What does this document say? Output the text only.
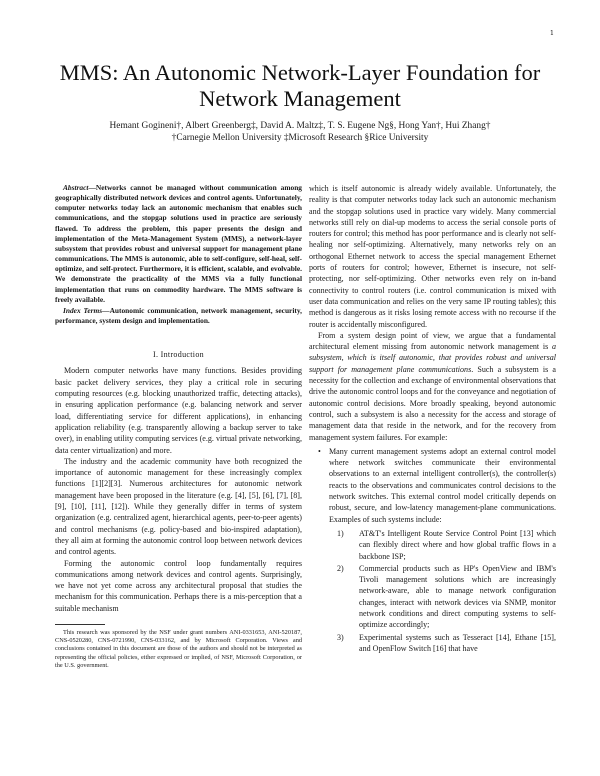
1
MMS: An Autonomic Network-Layer Foundation for Network Management
Hemant Gogineni†, Albert Greenberg‡, David A. Maltz‡, T. S. Eugene Ng§, Hong Yan†, Hui Zhang†
†Carnegie Mellon University ‡Microsoft Research §Rice University

Abstract—Networks cannot be managed without communication among geographically distributed network devices and control agents. Unfortunately, computer networks today lack an autonomic mechanism that enables such communications, and the stopgap solutions used in practice are seriously flawed. To address the problem, this paper presents the design and implementation of the Meta-Management System (MMS), a network-layer subsystem that provides robust and universal support for management plane communications. The MMS is autonomic, able to self-configure, self-heal, self-optimize, and self-protect. Furthermore, it is efficient, scalable, and evolvable. We demonstrate the practicality of the MMS via a fully functional implementation that runs on commodity hardware. The MMS software is freely available.

Index Terms—Autonomic communication, network management, security, performance, system design and implementation.

I. Introduction

Modern computer networks have many functions. Besides providing basic packet delivery services, they play a critical role in securing computing resources (e.g. blocking unauthorized traffic, detecting attacks), in ensuring application performance (e.g. balancing network and server load, differentiating service for different applications), in enhancing application reliability (e.g. transparently allowing a backup server to take over), in enabling utility computing services (e.g. virtual private networking, data center virtualization) and more.

The industry and the academic community have both recognized the importance of autonomic management for these increasingly complex functions [1][2][3]. Numerous architectures for autonomic network management have been proposed in the literature (e.g. [4], [5], [6], [7], [8], [9], [10], [11], [12]). While they generally differ in terms of system organization (e.g. centralized agent, hierarchical agents, peer-to-peer agents) and control mechanisms (e.g. policy-based and bio-inspired adaptation), they all aim at forming the autonomic control loop between network devices and control agents.

Forming the autonomic control loop fundamentally requires communications among network devices and control agents. Surprisingly, we have not yet come across any architectural proposal that studies the mechanism for this communication. Perhaps there is a mis-perception that a suitable mechanism

This research was sponsored by the NSF under grant numbers ANI-0331653, ANI-520187, CNS-0520280, CNS-0721990, CNS-033162, and by Microsoft Corporation. Views and conclusions contained in this document are those of the authors and should not be interpreted as representing the official policies, either expressed or implied, of NSF, Microsoft Corporation, or the U.S. government.

which is itself autonomic is already widely available. Unfortunately, the reality is that computer networks today lack such an autonomic mechanism and the stopgap solutions used in practice vary widely. Many commercial networks still rely on dial-up modems to access the serial console ports of routers for control; this method has poor performance and is clearly not self-healing nor self-optimizing. Alternatively, many networks rely on an orthogonal Ethernet network to access the special management Ethernet ports of routers for control; however, Ethernet is insecure, not self-protecting, nor self-optimizing. Other networks even rely on in-band connectivity to control routers (i.e. control communication is mixed with user data communication and relies on the very same IP routing tables); this method is dangerous as it risks losing remote access with no recourse if the router is accidentally misconfigured.

From a system design point of view, we argue that a fundamental architectural element missing from autonomic network management is a subsystem, which is itself autonomic, that provides robust and universal support for management plane communications. Such a subsystem is a necessity for the collection and exchange of environmental observations that drive the autonomic control loops and for the conveyance and negotiation of autonomic control decisions. More broadly speaking, beyond autonomic control, such a subsystem is also a necessity for the access and storage of management data that reside in the network, and for the recovery from management system failures. For example:

• Many current management systems adopt an external control model where network switches communicate their environmental observations to an external intelligent controller(s), the controller(s) reacts to the observations and communicates control decisions to the network switches. This external control model critically depends on robust, secure, and low-latency management-plane communications. Examples of such systems include:
1) AT&T's Intelligent Route Service Control Point [13] which can flexibly direct where and how global traffic flows in a backbone ISP;
2) Commercial products such as HP's OpenView and IBM's Tivoli management solutions which are increasingly network-aware, able to manage network configuration changes, interact with network devices via SNMP, monitor network conditions and direct computing systems to self-optimize accordingly;
3) Experimental systems such as Tesseract [14], Ethane [15], and OpenFlow Switch [16] that have
